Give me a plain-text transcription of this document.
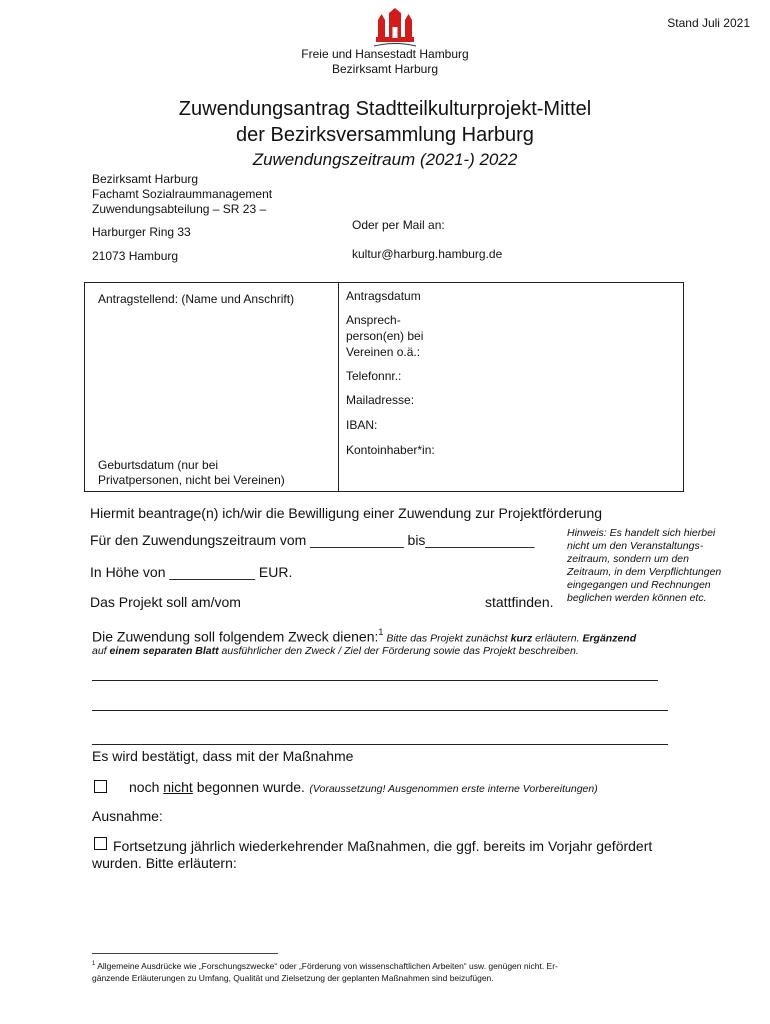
Stand Juli 2021
Freie und Hansestadt Hamburg
Bezirksamt Harburg
Zuwendungsantrag Stadtteilkulturprojekt-Mittel
der Bezirksversammlung Harburg
Zuwendungszeitraum (2021-) 2022
Bezirksamt Harburg
Fachamt Sozialraummanagement
Zuwendungsabteilung – SR 23 –
Harburger Ring 33
21073 Hamburg
Oder per Mail an:
kultur@harburg.hamburg.de
Antragstellend: (Name und Anschrift)
Geburtsdatum (nur bei
Privatpersonen, nicht bei Vereinen)
Antragsdatum
Ansprech-
person(en) bei
Vereinen o.ä.:
Telefonnr.:
Mailadresse:
IBAN:
Kontoinhaber*in:
Hiermit beantrage(n) ich/wir die Bewilligung einer Zuwendung zur Projektförderung
Für den Zuwendungszeitraum vom ____________ bis______________
In Höhe von ___________ EUR.
Das Projekt soll am/vom	stattfinden.
Hinweis: Es handelt sich hierbei
nicht um den Veranstaltungs-
zeitraum, sondern um den
Zeitraum, in dem Verpflichtungen
eingegangen und Rechnungen
beglichen werden können etc.
Die Zuwendung soll folgendem Zweck dienen:$^1$ Bitte das Projekt zunächst kurz erläutern. Ergänzend
auf einem separaten Blatt ausführlicher den Zweck / Ziel der Förderung sowie das Projekt beschreiben.
Es wird bestätigt, dass mit der Maßnahme
noch nicht begonnen wurde. (Voraussetzung! Ausgenommen erste interne Vorbereitungen)
Ausnahme:
Fortsetzung jährlich wiederkehrender Maßnahmen, die ggf. bereits im Vorjahr gefördert
wurden. Bitte erläutern:
$^1$ Allgemeine Ausdrücke wie „Forschungszwecke“ oder „Förderung von wissenschaftlichen Arbeiten“ usw. genügen nicht. Er-
gänzende Erläuterungen zu Umfang, Qualität und Zielsetzung der geplanten Maßnahmen sind beizufügen.
